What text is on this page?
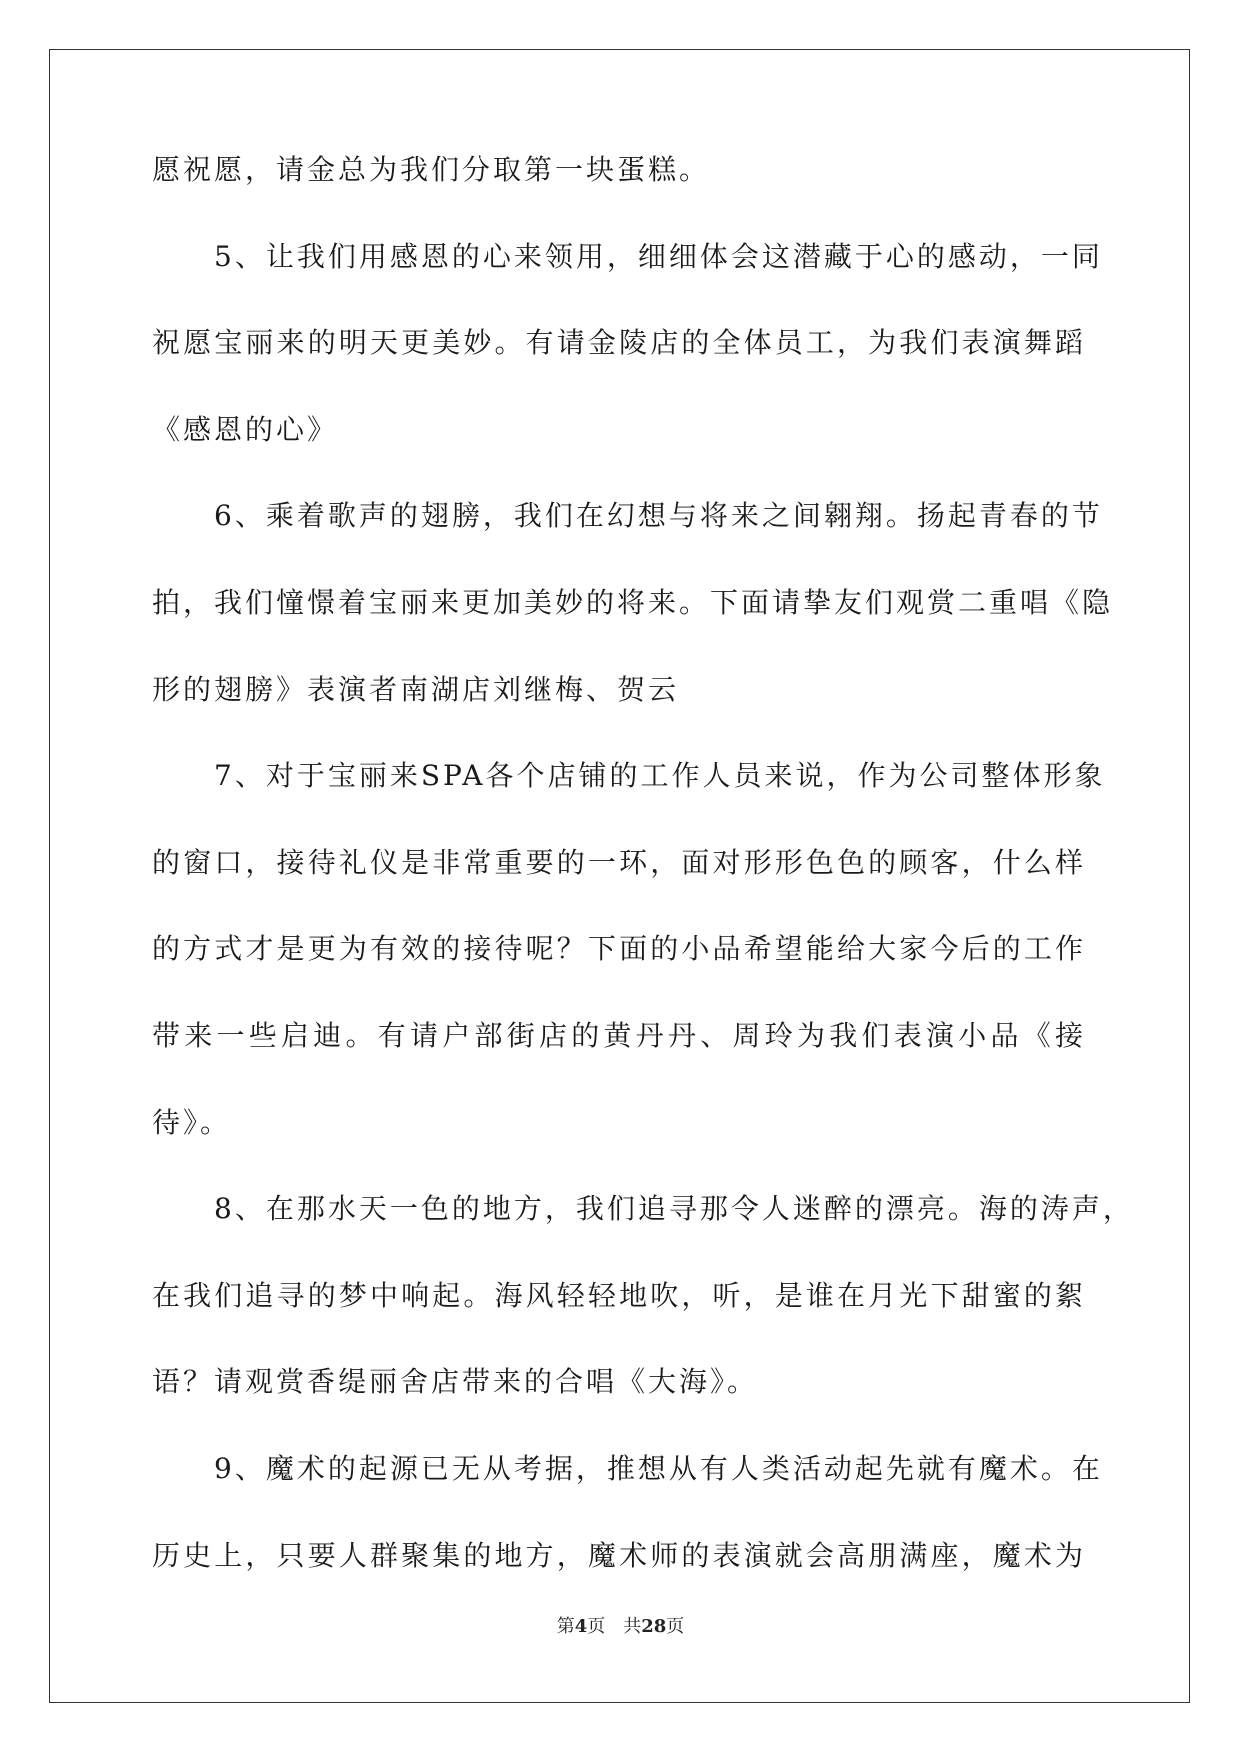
愿祝愿，请金总为我们分取第一块蛋糕。
5、让我们用感恩的心来领用，细细体会这潜藏于心的感动，一同
祝愿宝丽来的明天更美妙。有请金陵店的全体员工，为我们表演舞蹈
《感恩的心》
6、乘着歌声的翅膀，我们在幻想与将来之间翱翔。扬起青春的节
拍，我们憧憬着宝丽来更加美妙的将来。下面请挚友们观赏二重唱《隐
形的翅膀》表演者南湖店刘继梅、贺云
7、对于宝丽来SPA各个店铺的工作人员来说，作为公司整体形象
的窗口，接待礼仪是非常重要的一环，面对形形色色的顾客，什么样
的方式才是更为有效的接待呢？下面的小品希望能给大家今后的工作
带来一些启迪。有请户部街店的黄丹丹、周玲为我们表演小品《接
待》。
8、在那水天一色的地方，我们追寻那令人迷醉的漂亮。海的涛声，
在我们追寻的梦中响起。海风轻轻地吹，听，是谁在月光下甜蜜的絮
语？请观赏香缇丽舍店带来的合唱《大海》。
9、魔术的起源已无从考据，推想从有人类活动起先就有魔术。在
历史上，只要人群聚集的地方，魔术师的表演就会高朋满座，魔术为
第4页 共28页
